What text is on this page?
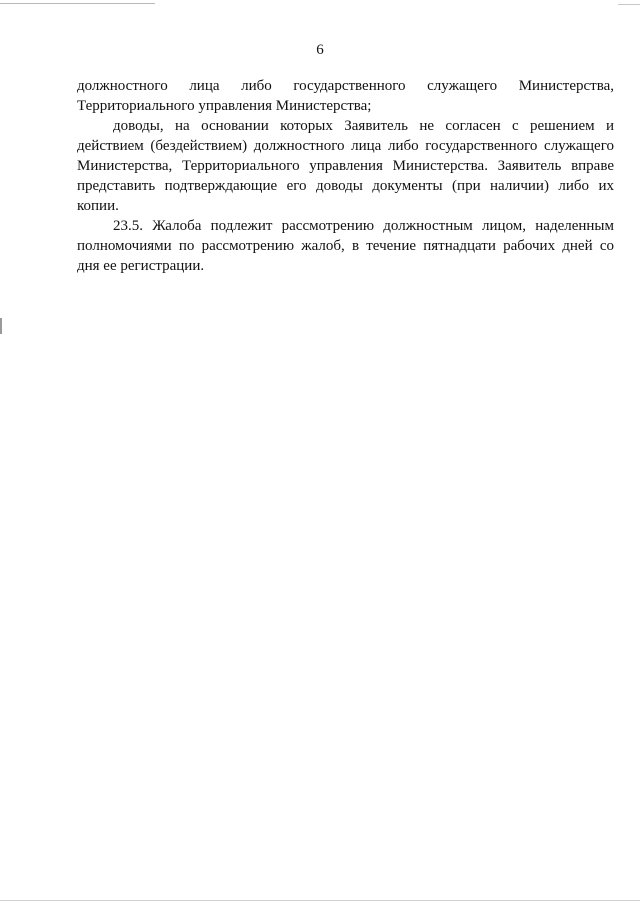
6

должностного лица либо государственного служащего Министерства,
Территориального управления Министерства;

доводы, на основании которых Заявитель не согласен с решением и
действием (бездействием) должностного лица либо государственного служащего
Министерства, Территориального управления Министерства. Заявитель вправе
представить подтверждающие его доводы документы (при наличии) либо их
копии.

23.5. Жалоба подлежит рассмотрению должностным лицом, наделенным
полномочиями по рассмотрению жалоб, в течение пятнадцати рабочих дней со
дня ее регистрации.
